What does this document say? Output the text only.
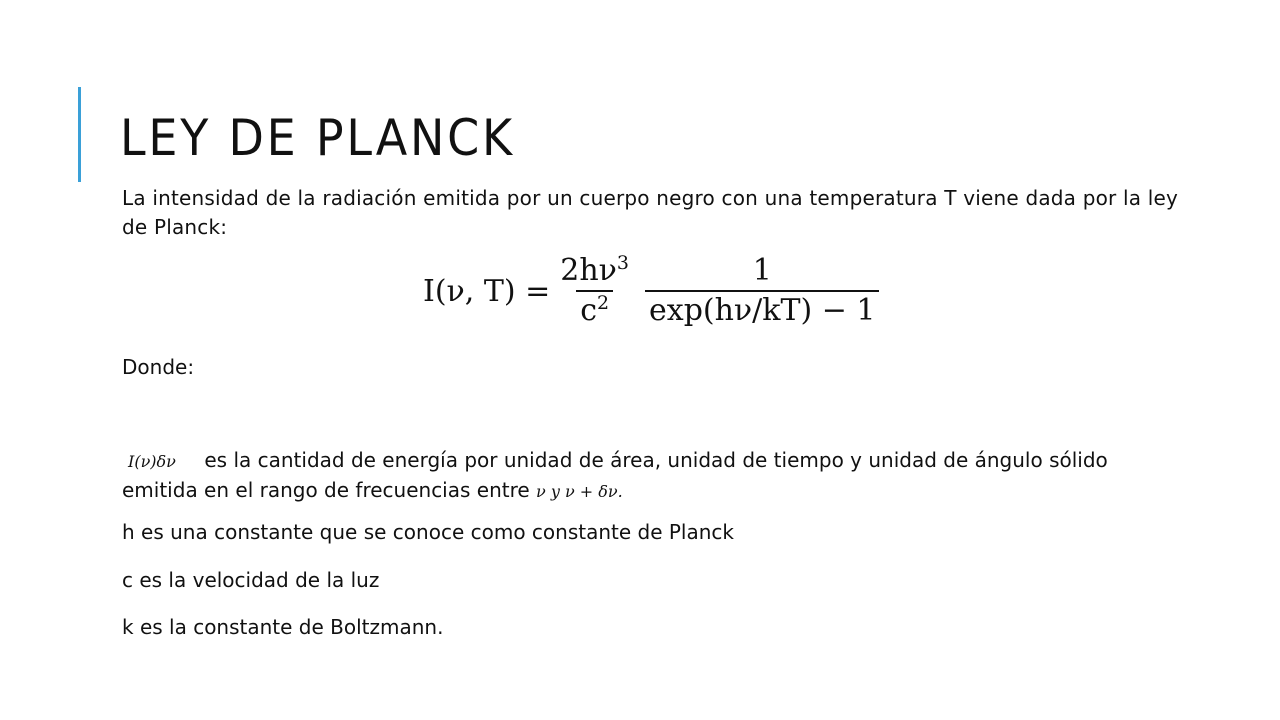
LEY DE PLANCK
La intensidad de la radiación emitida por un cuerpo negro con una temperatura T viene dada por la ley de Planck:
I(ν, $T) = \frac{2h\nu^3}{c^2} \frac{1}{\exp(h\nu/kT) - 1}$
Donde:
I(ν)δν es la cantidad de energía por unidad de área, unidad de tiempo y unidad de ángulo sólido emitida en el rango de frecuencias entre ν y ν + δν.
h es una constante que se conoce como constante de Planck
c es la velocidad de la luz
k es la constante de Boltzmann.
